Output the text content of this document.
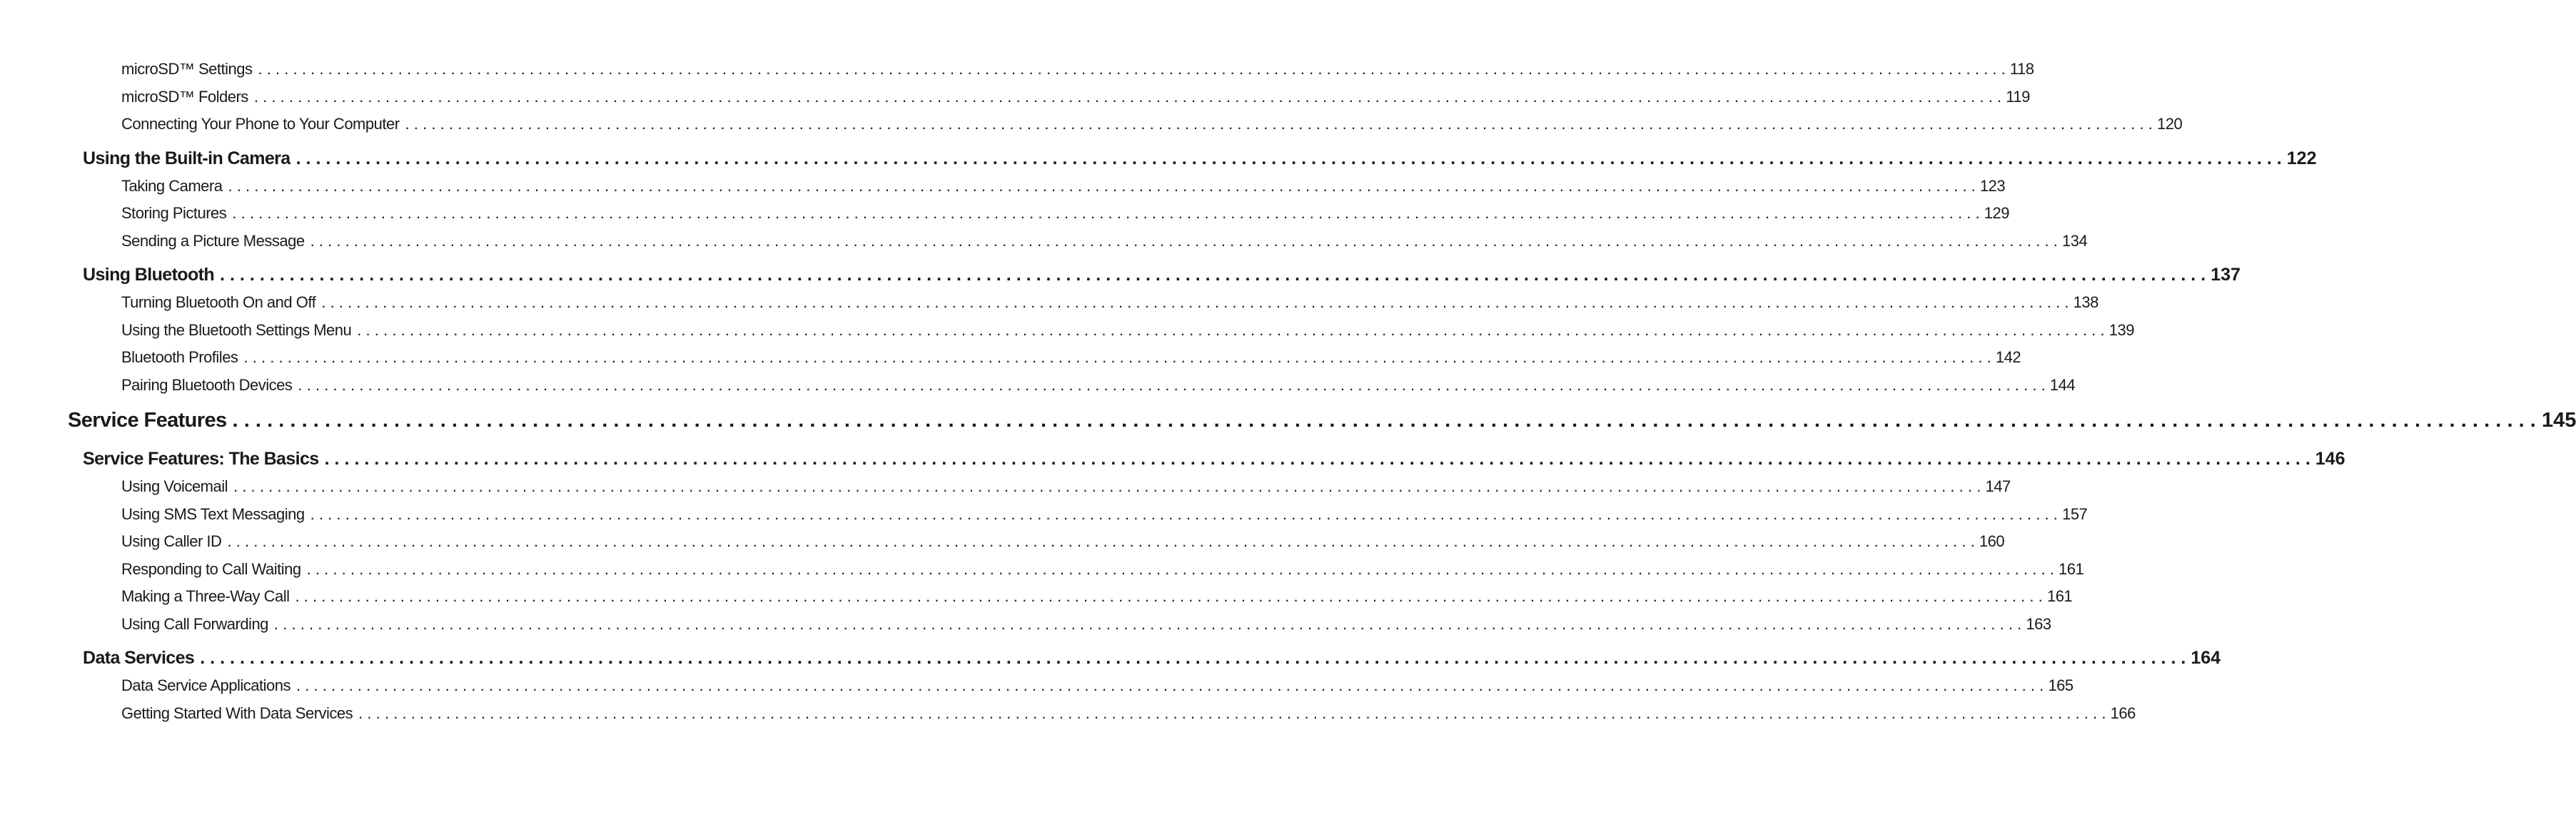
microSD™ Settings ........................................................................................................................................................................................................ 118
microSD™ Folders ........................................................................................................................................................................................................ 119
Connecting Your Phone to Your Computer ........................................................................................................................................................................................................ 120
Using the Built-in Camera ........................................................................................................................................................................................................ 122
Taking Camera ........................................................................................................................................................................................................ 123
Storing Pictures ........................................................................................................................................................................................................ 129
Sending a Picture Message ........................................................................................................................................................................................................ 134
Using Bluetooth ........................................................................................................................................................................................................ 137
Turning Bluetooth On and Off ........................................................................................................................................................................................................ 138
Using the Bluetooth Settings Menu ........................................................................................................................................................................................................ 139
Bluetooth Profiles ........................................................................................................................................................................................................ 142
Pairing Bluetooth Devices ........................................................................................................................................................................................................ 144
Service Features ........................................................................................................................................................................................................ 145
Service Features: The Basics ........................................................................................................................................................................................................ 146
Using Voicemail ........................................................................................................................................................................................................ 147
Using SMS Text Messaging ........................................................................................................................................................................................................ 157
Using Caller ID ........................................................................................................................................................................................................ 160
Responding to Call Waiting ........................................................................................................................................................................................................ 161
Making a Three-Way Call ........................................................................................................................................................................................................ 161
Using Call Forwarding ........................................................................................................................................................................................................ 163
Data Services ........................................................................................................................................................................................................ 164
Data Service Applications ........................................................................................................................................................................................................ 165
Getting Started With Data Services ........................................................................................................................................................................................................ 166
